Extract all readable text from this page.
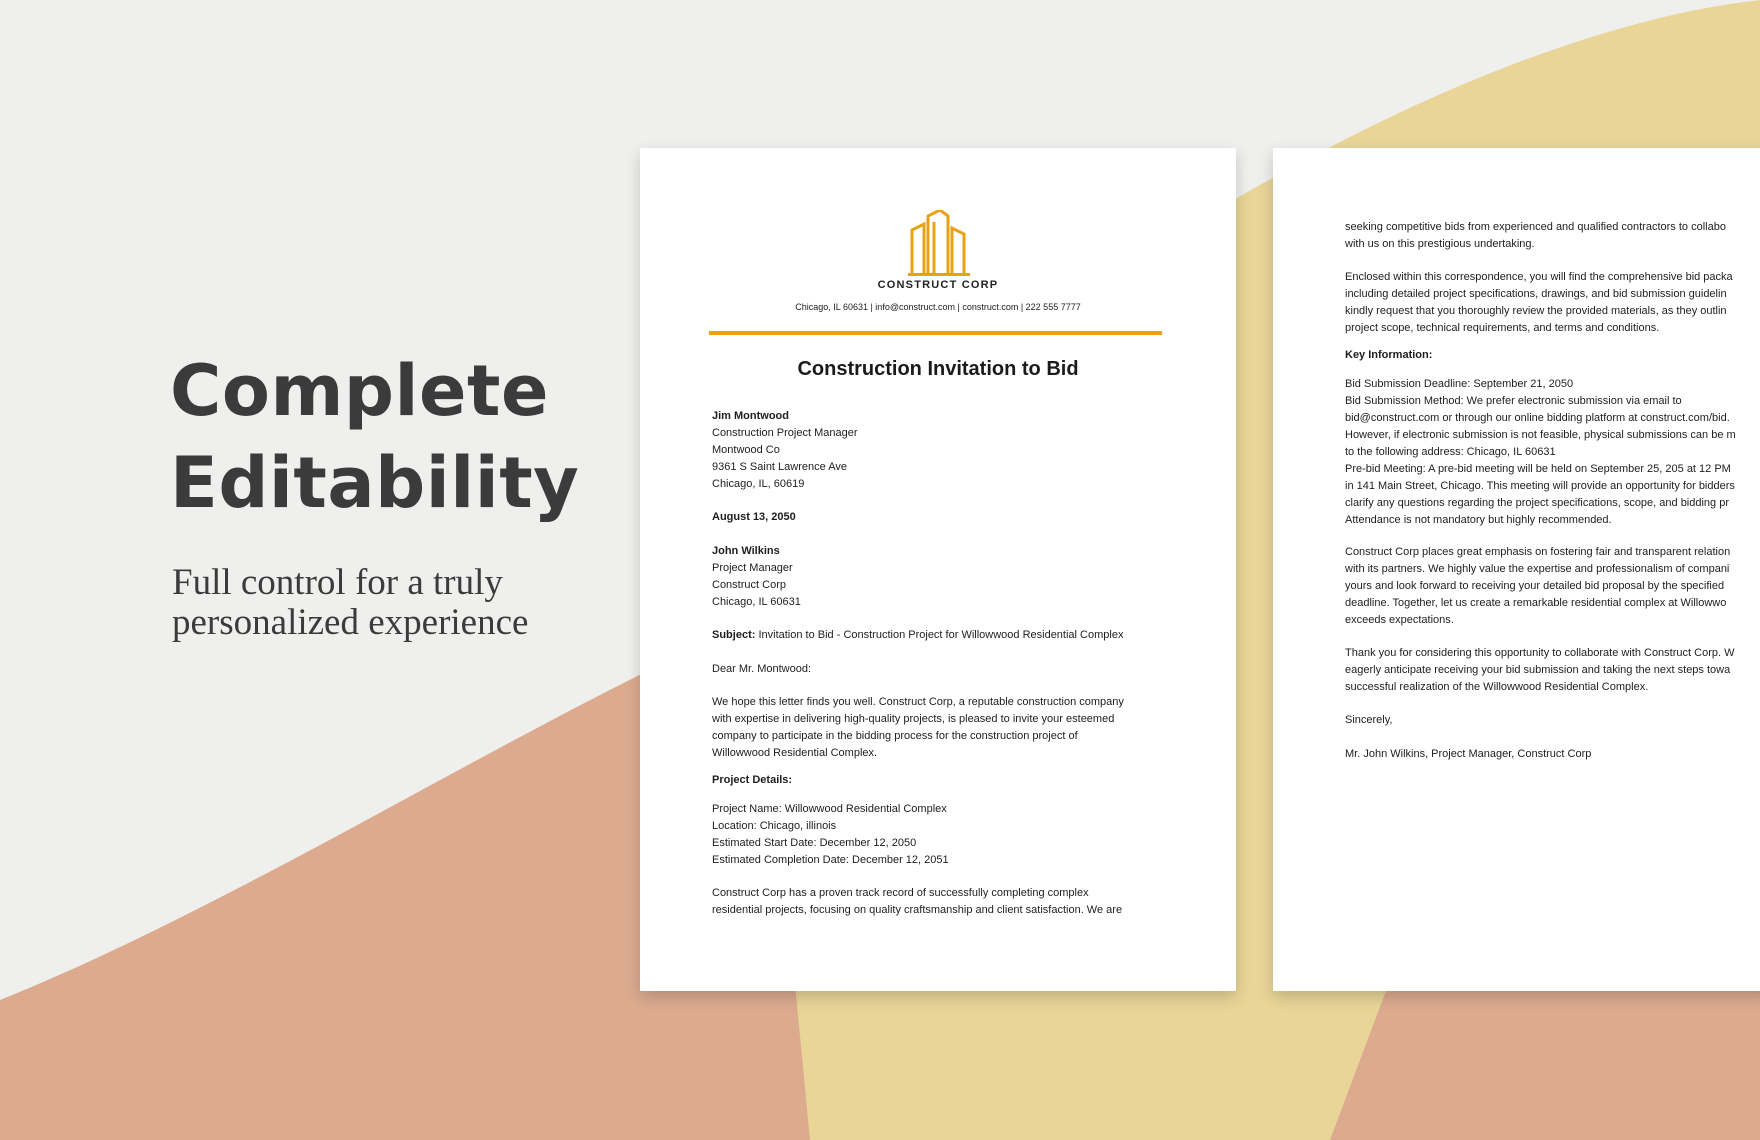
Complete
Editability

Full control for a truly
personalized experience

CONSTRUCT CORP
Chicago, IL 60631 | info@construct.com | construct.com | 222 555 7777
Construction Invitation to Bid
Jim Montwood
Construction Project Manager
Montwood Co
9361 S Saint Lawrence Ave
Chicago, IL, 60619
August 13, 2050
John Wilkins
Project Manager
Construct Corp
Chicago, IL 60631
Subject: Invitation to Bid - Construction Project for Willowwood Residential Complex
Dear Mr. Montwood:
We hope this letter finds you well. Construct Corp, a reputable construction company
with expertise in delivering high-quality projects, is pleased to invite your esteemed
company to participate in the bidding process for the construction project of
Willowwood Residential Complex.
Project Details:
Project Name: Willowwood Residential Complex
Location: Chicago, illinois
Estimated Start Date: December 12, 2050
Estimated Completion Date: December 12, 2051
Construct Corp has a proven track record of successfully completing complex
residential projects, focusing on quality craftsmanship and client satisfaction. We are
seeking competitive bids from experienced and qualified contractors to collabo
with us on this prestigious undertaking.
Enclosed within this correspondence, you will find the comprehensive bid packa
including detailed project specifications, drawings, and bid submission guidelin
kindly request that you thoroughly review the provided materials, as they outlin
project scope, technical requirements, and terms and conditions.
Key Information:
Bid Submission Deadline: September 21, 2050
Bid Submission Method: We prefer electronic submission via email to
bid@construct.com or through our online bidding platform at construct.com/bid.
However, if electronic submission is not feasible, physical submissions can be m
to the following address: Chicago, IL 60631
Pre-bid Meeting: A pre-bid meeting will be held on September 25, 205 at 12 PM
in 141 Main Street, Chicago. This meeting will provide an opportunity for bidders
clarify any questions regarding the project specifications, scope, and bidding pr
Attendance is not mandatory but highly recommended.
Construct Corp places great emphasis on fostering fair and transparent relation
with its partners. We highly value the expertise and professionalism of compani
yours and look forward to receiving your detailed bid proposal by the specified
deadline. Together, let us create a remarkable residential complex at Willowwo
exceeds expectations.
Thank you for considering this opportunity to collaborate with Construct Corp. W
eagerly anticipate receiving your bid submission and taking the next steps towa
successful realization of the Willowwood Residential Complex.
Sincerely,
Mr. John Wilkins, Project Manager, Construct Corp
